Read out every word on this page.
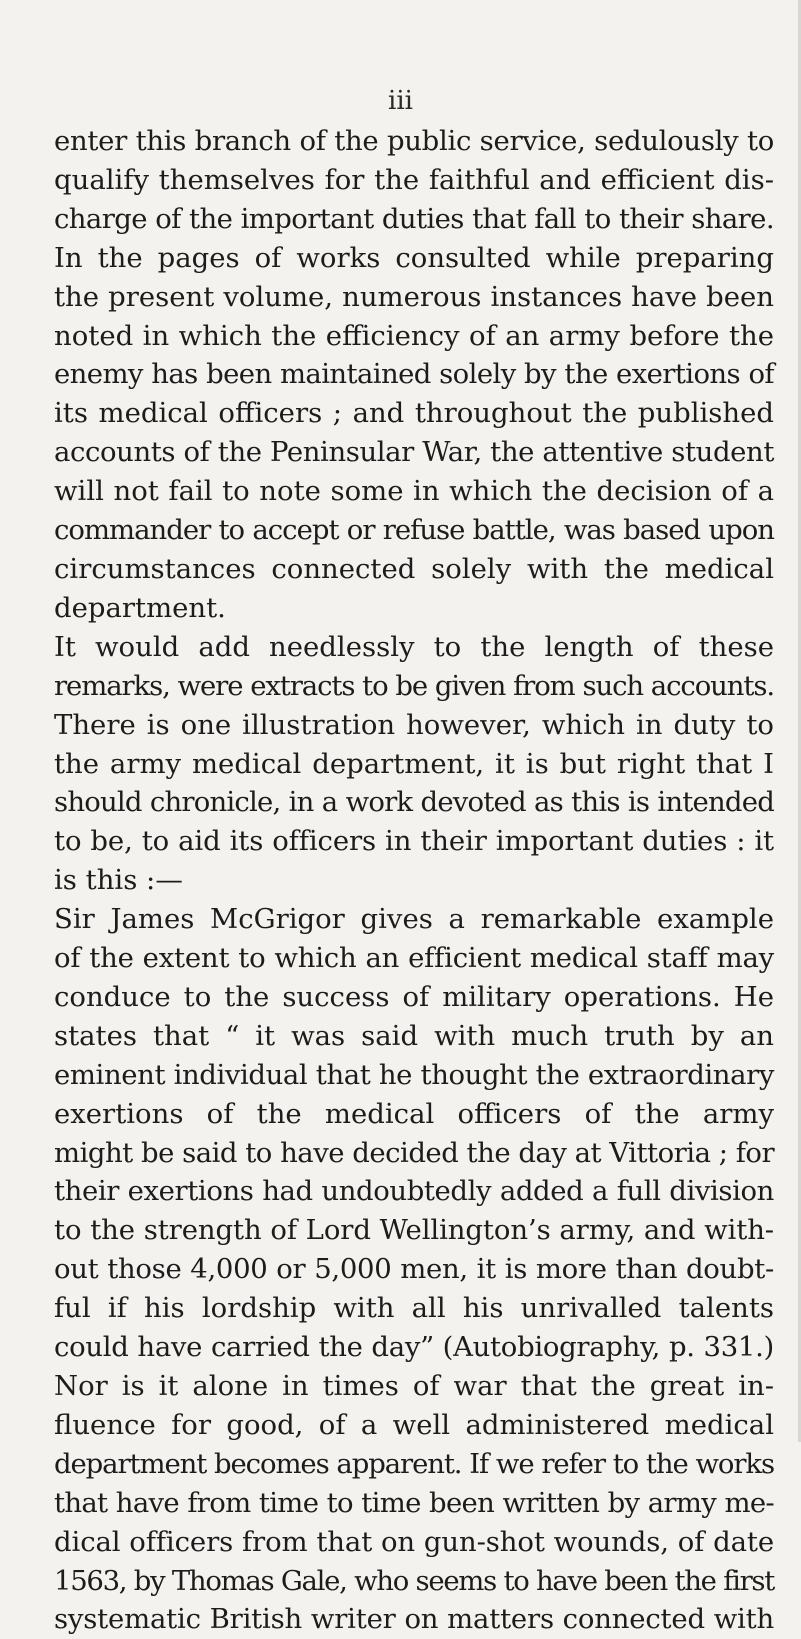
iii
enter this branch of the public service, sedulously to
qualify themselves for the faithful and efficient dis-
charge of the important duties that fall to their share.
In the pages of works consulted while preparing
the present volume, numerous instances have been
noted in which the efficiency of an army before the
enemy has been maintained solely by the exertions of
its medical officers ; and throughout the published
accounts of the Peninsular War, the attentive student
will not fail to note some in which the decision of a
commander to accept or refuse battle, was based upon
circumstances connected solely with the medical
department.
It would add needlessly to the length of these
remarks, were extracts to be given from such accounts.
There is one illustration however, which in duty to
the army medical department, it is but right that I
should chronicle, in a work devoted as this is intended
to be, to aid its officers in their important duties : it
is this :—
Sir James McGrigor gives a remarkable example
of the extent to which an efficient medical staff may
conduce to the success of military operations. He
states that “ it was said with much truth by an
eminent individual that he thought the extraordinary
exertions of the medical officers of the army
might be said to have decided the day at Vittoria ; for
their exertions had undoubtedly added a full division
to the strength of Lord Wellington’s army, and with-
out those 4,000 or 5,000 men, it is more than doubt-
ful if his lordship with all his unrivalled talents
could have carried the day” (Autobiography, p. 331.)
Nor is it alone in times of war that the great in-
fluence for good, of a well administered medical
department becomes apparent. If we refer to the works
that have from time to time been written by army me-
dical officers from that on gun-shot wounds, of date
1563, by Thomas Gale, who seems to have been the first
systematic British writer on matters connected with
